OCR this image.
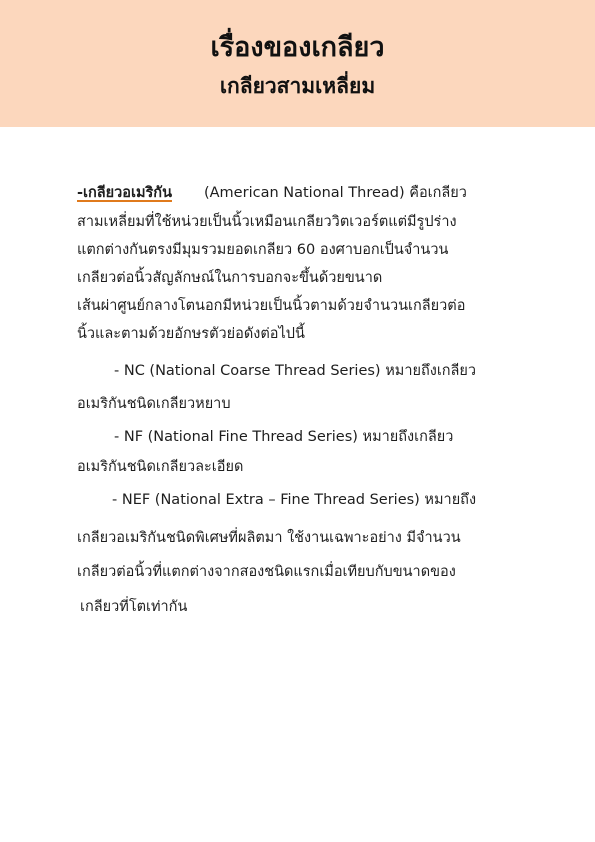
เรื่องของเกลียว
เกลียวสามเหลี่ยม
-เกลียวอเมริกัน (American National Thread) คือเกลียว
สามเหลี่ยมที่ใช้หน่วยเป็นนิ้วเหมือนเกลียววิตเวอร์ตแต่มีรูปร่าง
แตกต่างกันตรงมีมุมรวมยอดเกลียว 60 องศาบอกเป็นจำนวน
เกลียวต่อนิ้วสัญลักษณ์ในการบอกจะขึ้นด้วยขนาด
เส้นผ่าศูนย์กลางโตนอกมีหน่วยเป็นนิ้วตามด้วยจำนวนเกลียวต่อ
นิ้วและตามด้วยอักษรตัวย่อดังต่อไปนี้
- NC (National Coarse Thread Series) หมายถึงเกลียว
อเมริกันชนิดเกลียวหยาบ
- NF (National Fine Thread Series) หมายถึงเกลียว
อเมริกันชนิดเกลียวละเอียด
- NEF (National Extra – Fine Thread Series) หมายถึง
เกลียวอเมริกันชนิดพิเศษที่ผลิตมา ใช้งานเฉพาะอย่าง มีจำนวน
เกลียวต่อนิ้วที่แตกต่างจากสองชนิดแรกเมื่อเทียบกับขนาดของ
เกลียวที่โตเท่ากัน
